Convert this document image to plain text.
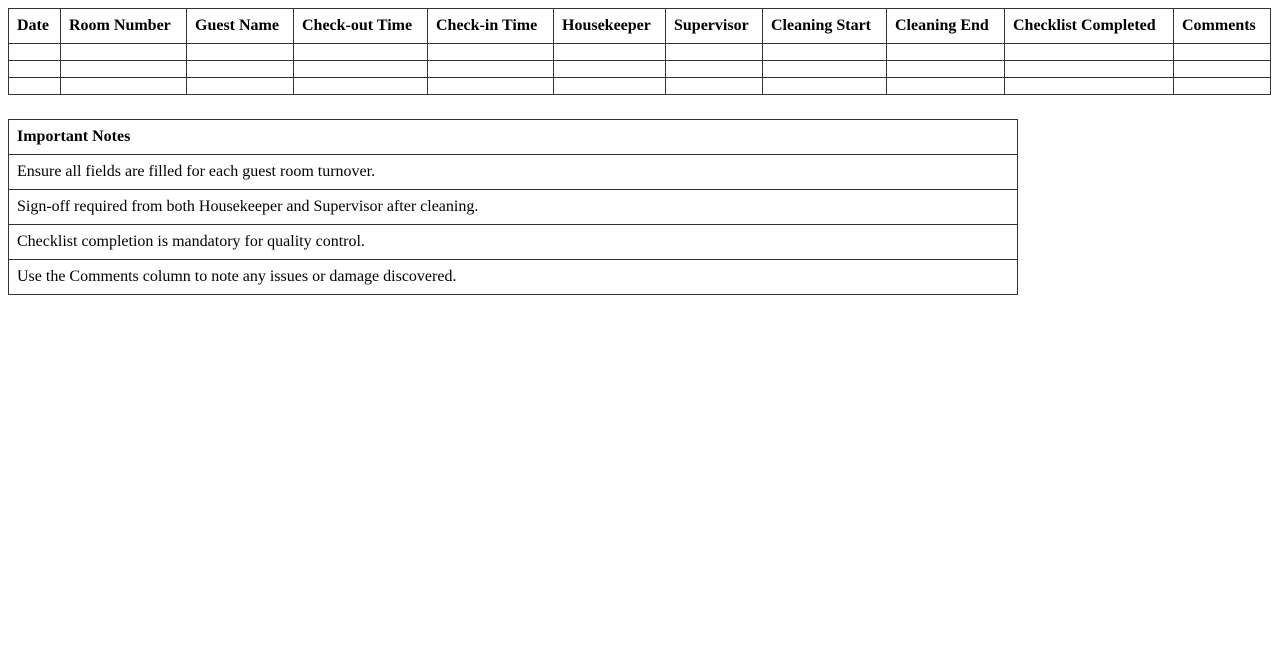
Date	Room Number	Guest Name	Check-out Time	Check-in Time	Housekeeper	Supervisor	Cleaning Start	Cleaning End	Checklist Completed	Comments

Important Notes
Ensure all fields are filled for each guest room turnover.
Sign-off required from both Housekeeper and Supervisor after cleaning.
Checklist completion is mandatory for quality control.
Use the Comments column to note any issues or damage discovered.
